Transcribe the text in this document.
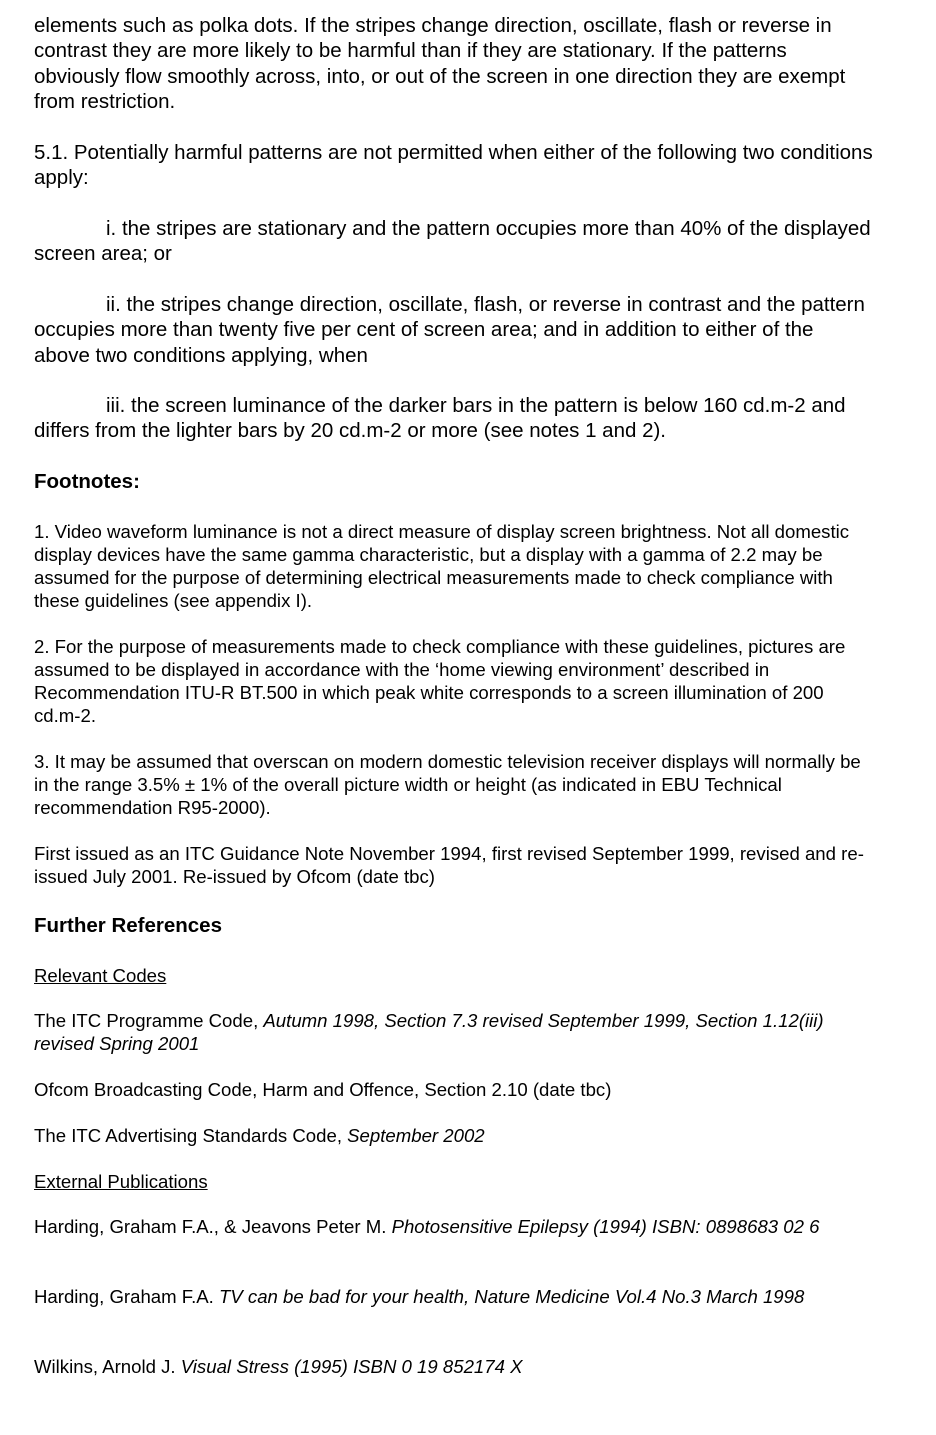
elements such as polka dots. If the stripes change direction, oscillate, flash or reverse in contrast they are more likely to be harmful than if they are stationary. If the patterns obviously flow smoothly across, into, or out of the screen in one direction they are exempt from restriction.

5.1. Potentially harmful patterns are not permitted when either of the following two conditions apply:

i. the stripes are stationary and the pattern occupies more than 40% of the displayed screen area; or

ii. the stripes change direction, oscillate, flash, or reverse in contrast and the pattern occupies more than twenty five per cent of screen area; and in addition to either of the above two conditions applying, when

iii. the screen luminance of the darker bars in the pattern is below 160 cd.m-2 and differs from the lighter bars by 20 cd.m-2 or more (see notes 1 and 2).

Footnotes:

1. Video waveform luminance is not a direct measure of display screen brightness. Not all domestic display devices have the same gamma characteristic, but a display with a gamma of 2.2 may be assumed for the purpose of determining electrical measurements made to check compliance with these guidelines (see appendix I).

2. For the purpose of measurements made to check compliance with these guidelines, pictures are assumed to be displayed in accordance with the ‘home viewing environment’ described in Recommendation ITU-R BT.500 in which peak white corresponds to a screen illumination of 200 cd.m-2.

3. It may be assumed that overscan on modern domestic television receiver displays will normally be in the range 3.5% ± 1% of the overall picture width or height (as indicated in EBU Technical recommendation R95-2000).

First issued as an ITC Guidance Note November 1994, first revised September 1999, revised and re-issued July 2001. Re-issued by Ofcom (date tbc)

Further References

Relevant Codes

The ITC Programme Code, Autumn 1998, Section 7.3 revised September 1999, Section 1.12(iii) revised Spring 2001

Ofcom Broadcasting Code, Harm and Offence, Section 2.10 (date tbc)

The ITC Advertising Standards Code, September 2002

External Publications

Harding, Graham F.A., & Jeavons Peter M. Photosensitive Epilepsy (1994) ISBN: 0898683 02 6

Harding, Graham F.A. TV can be bad for your health, Nature Medicine Vol.4 No.3 March 1998

Wilkins, Arnold J. Visual Stress (1995) ISBN 0 19 852174 X
